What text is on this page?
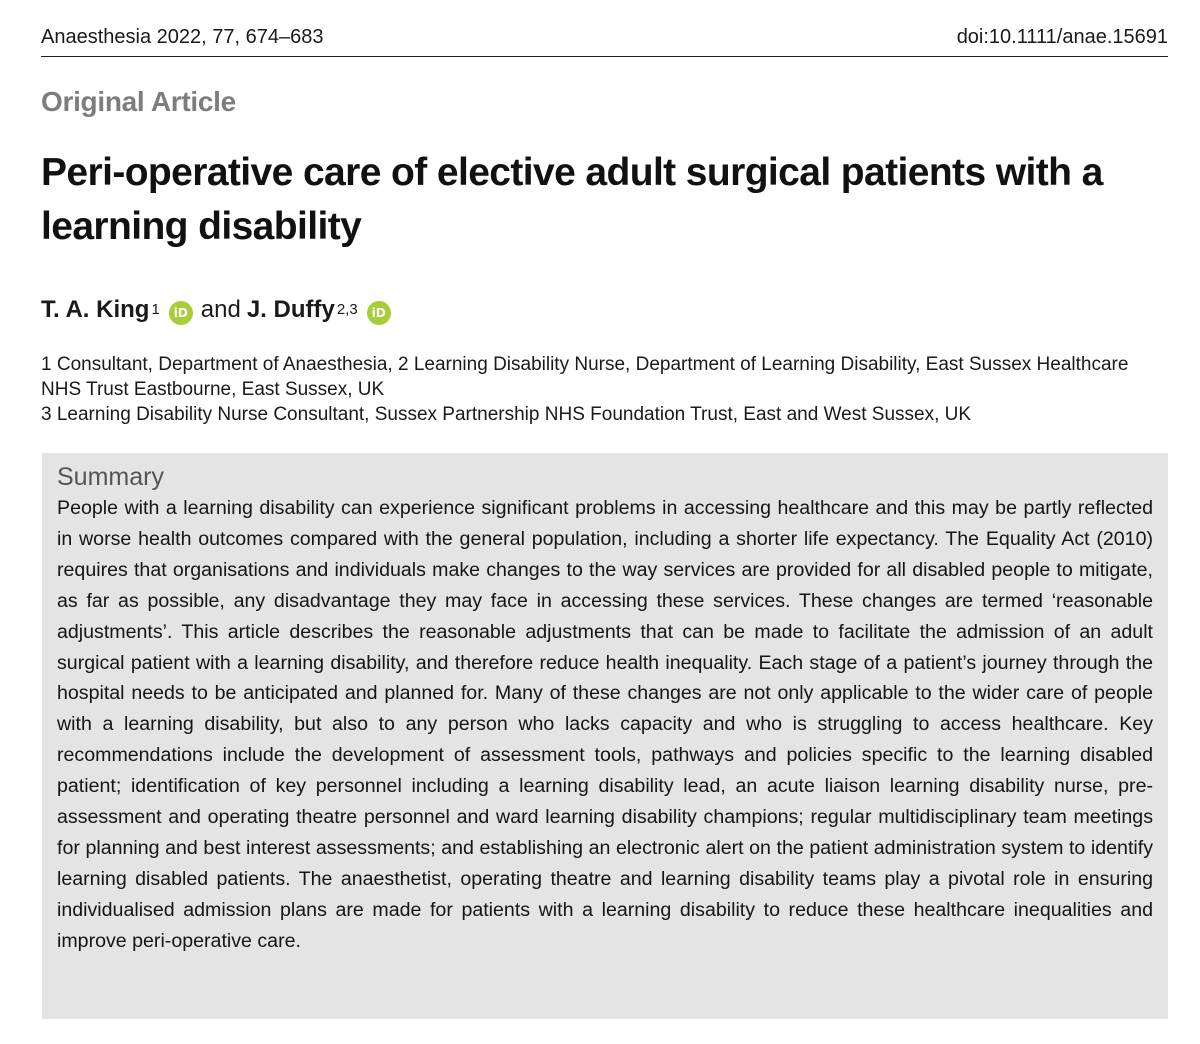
Anaesthesia 2022, 77, 674–683	doi:10.1111/anae.15691
Original Article
Peri-operative care of elective adult surgical patients with a learning disability
T. A. King 1	iD and J. Duffy 2,3	iD
1 Consultant, Department of Anaesthesia, 2 Learning Disability Nurse, Department of Learning Disability, East Sussex Healthcare NHS Trust Eastbourne, East Sussex, UK
3 Learning Disability Nurse Consultant, Sussex Partnership NHS Foundation Trust, East and West Sussex, UK
Summary

People with a learning disability can experience significant problems in accessing healthcare and this may be partly reflected in worse health outcomes compared with the general population, including a shorter life expectancy. The Equality Act (2010) requires that organisations and individuals make changes to the way services are provided for all disabled people to mitigate, as far as possible, any disadvantage they may face in accessing these services. These changes are termed ‘reasonable adjustments’. This article describes the reasonable adjustments that can be made to facilitate the admission of an adult surgical patient with a learning disability, and therefore reduce health inequality. Each stage of a patient’s journey through the hospital needs to be anticipated and planned for. Many of these changes are not only applicable to the wider care of people with a learning disability, but also to any person who lacks capacity and who is struggling to access healthcare. Key recommendations include the development of assessment tools, pathways and policies specific to the learning disabled patient; identification of key personnel including a learning disability lead, an acute liaison learning disability nurse, pre-assessment and operating theatre personnel and ward learning disability champions; regular multidisciplinary team meetings for planning and best interest assessments; and establishing an electronic alert on the patient administration system to identify learning disabled patients. The anaesthetist, operating theatre and learning disability teams play a pivotal role in ensuring individualised admission plans are made for patients with a learning disability to reduce these healthcare inequalities and improve peri-operative care.
